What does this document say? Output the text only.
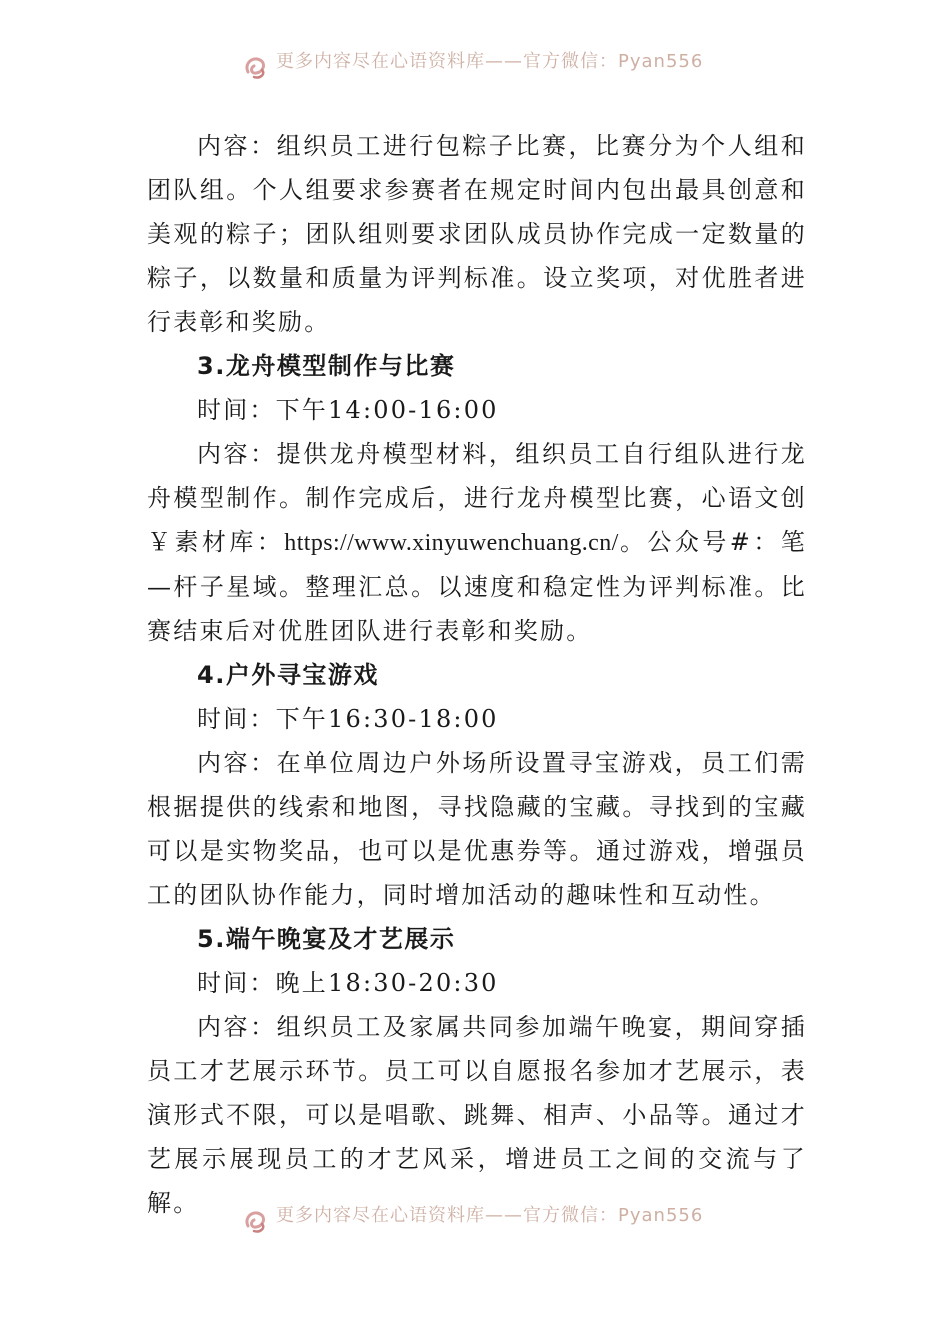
更多内容尽在心语资料库——官方微信：Pyan556

内容：组织员工进行包粽子比赛，比赛分为个人组和团队组。个人组要求参赛者在规定时间内包出最具创意和美观的粽子；团队组则要求团队成员协作完成一定数量的粽子，以数量和质量为评判标准。设立奖项，对优胜者进行表彰和奖励。

3.龙舟模型制作与比赛

时间：下午14:00-16:00

内容：提供龙舟模型材料，组织员工自行组队进行龙舟模型制作。制作完成后，进行龙舟模型比赛，心语文创￥素材库：https://www.xinyuwenchuang.cn/。公众号#：笔—杆子星域。整理汇总。以速度和稳定性为评判标准。比赛结束后对优胜团队进行表彰和奖励。

4.户外寻宝游戏

时间：下午16:30-18:00

内容：在单位周边户外场所设置寻宝游戏，员工们需根据提供的线索和地图，寻找隐藏的宝藏。寻找到的宝藏可以是实物奖品，也可以是优惠券等。通过游戏，增强员工的团队协作能力，同时增加活动的趣味性和互动性。

5.端午晚宴及才艺展示

时间：晚上18:30-20:30

内容：组织员工及家属共同参加端午晚宴，期间穿插员工才艺展示环节。员工可以自愿报名参加才艺展示，表演形式不限，可以是唱歌、跳舞、相声、小品等。通过才艺展示展现员工的才艺风采，增进员工之间的交流与了解。	更多内容尽在心语资料库——官方微信：Pyan556
